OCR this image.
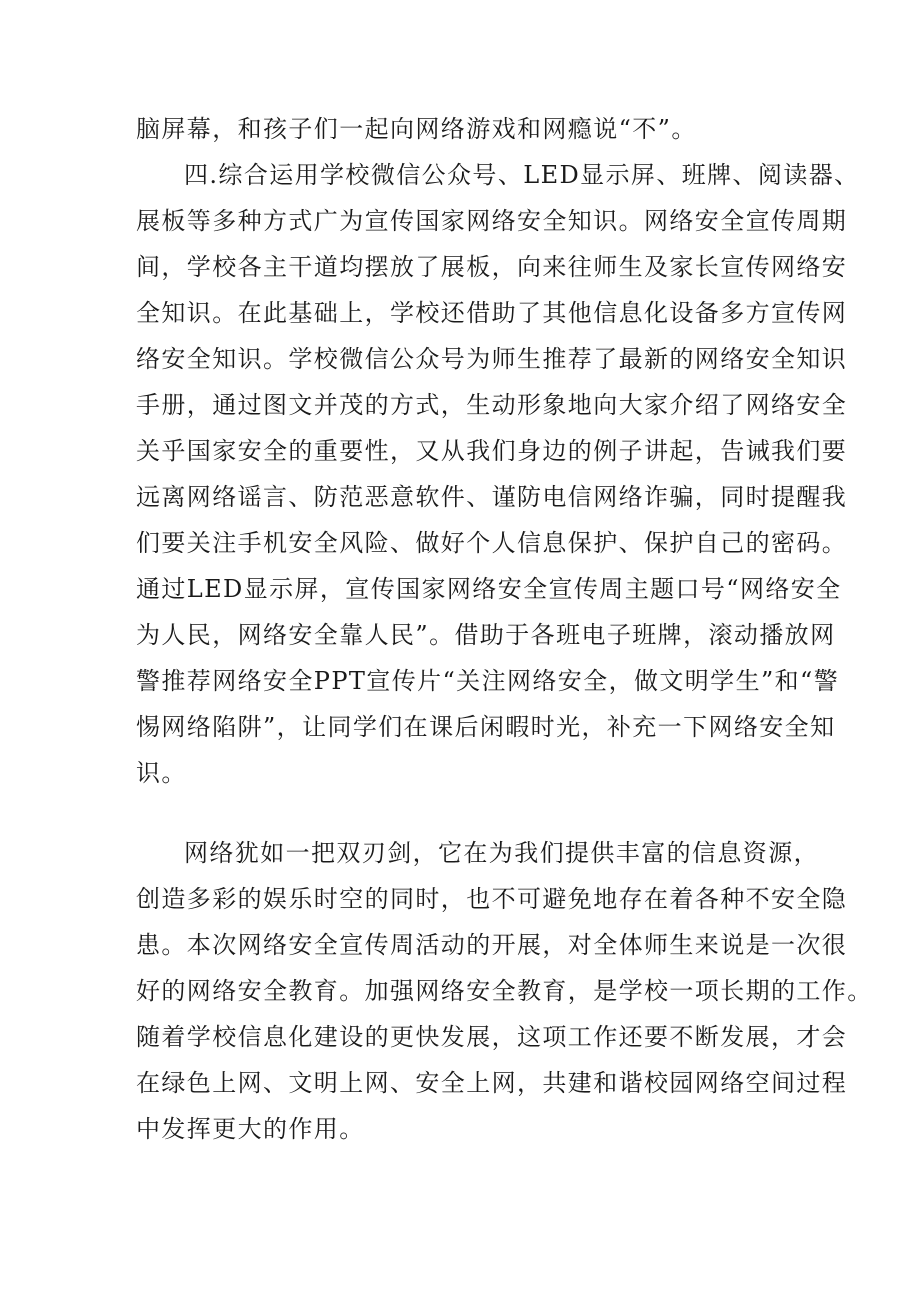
脑屏幕，和孩子们一起向网络游戏和网瘾说“不”。
四.综合运用学校微信公众号、LED显示屏、班牌、阅读器、
展板等多种方式广为宣传国家网络安全知识。网络安全宣传周期
间，学校各主干道均摆放了展板，向来往师生及家长宣传网络安
全知识。在此基础上，学校还借助了其他信息化设备多方宣传网
络安全知识。学校微信公众号为师生推荐了最新的网络安全知识
手册，通过图文并茂的方式，生动形象地向大家介绍了网络安全
关乎国家安全的重要性，又从我们身边的例子讲起，告诫我们要
远离网络谣言、防范恶意软件、谨防电信网络诈骗，同时提醒我
们要关注手机安全风险、做好个人信息保护、保护自己的密码。
通过LED显示屏，宣传国家网络安全宣传周主题口号“网络安全
为人民，网络安全靠人民”。借助于各班电子班牌，滚动播放网
警推荐网络安全PPT宣传片“关注网络安全，做文明学生”和“警
惕网络陷阱”，让同学们在课后闲暇时光，补充一下网络安全知
识。
网络犹如一把双刃剑，它在为我们提供丰富的信息资源，
创造多彩的娱乐时空的同时，也不可避免地存在着各种不安全隐
患。本次网络安全宣传周活动的开展，对全体师生来说是一次很
好的网络安全教育。加强网络安全教育，是学校一项长期的工作。
随着学校信息化建设的更快发展，这项工作还要不断发展，才会
在绿色上网、文明上网、安全上网，共建和谐校园网络空间过程
中发挥更大的作用。
